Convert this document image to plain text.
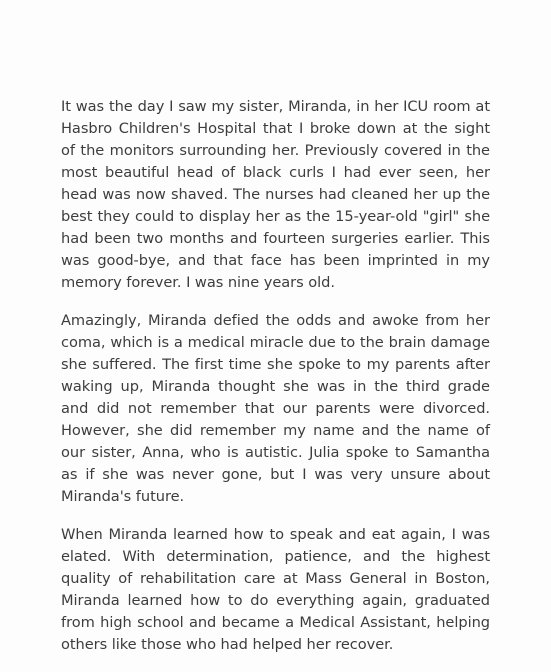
It was the day I saw my sister, Miranda, in her ICU room at Hasbro Children's Hospital that I broke down at the sight of the monitors surrounding her. Previously covered in the most beautiful head of black curls I had ever seen, her head was now shaved. The nurses had cleaned her up the best they could to display her as the 15-year-old "girl" she had been two months and fourteen surgeries earlier. This was good-bye, and that face has been imprinted in my memory forever. I was nine years old.

Amazingly, Miranda defied the odds and awoke from her coma, which is a medical miracle due to the brain damage she suffered. The first time she spoke to my parents after waking up, Miranda thought she was in the third grade and did not remember that our parents were divorced. However, she did remember my name and the name of our sister, Anna, who is autistic. Julia spoke to Samantha as if she was never gone, but I was very unsure about Miranda's future.

When Miranda learned how to speak and eat again, I was elated. With determination, patience, and the highest quality of rehabilitation care at Mass General in Boston, Miranda learned how to do everything again, graduated from high school and became a Medical Assistant, helping others like those who had helped her recover.
